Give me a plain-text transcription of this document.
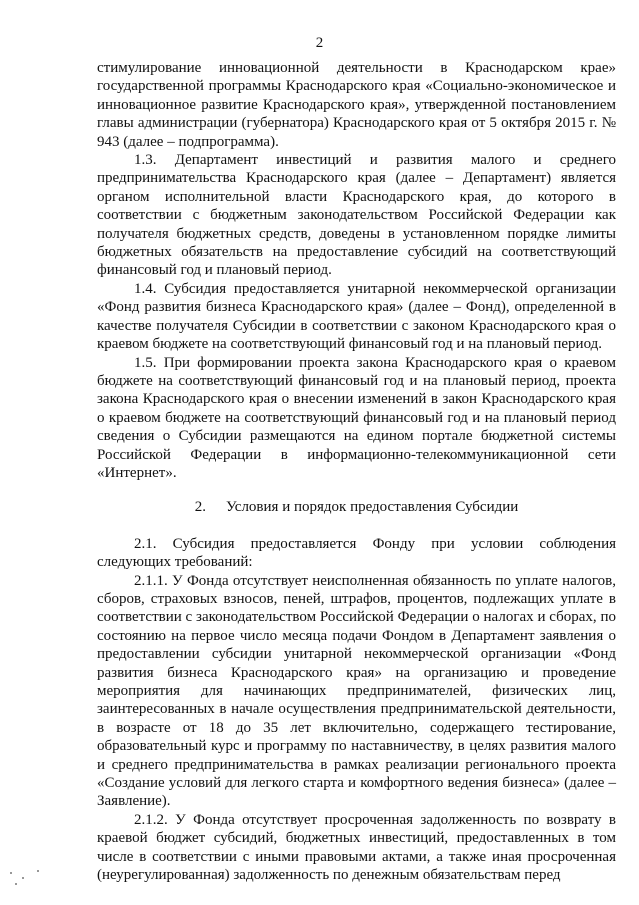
2

стимулирование инновационной деятельности в Краснодарском крае» государственной программы Краснодарского края «Социально-экономическое и инновационное развитие Краснодарского края», утвержденной постановлением главы администрации (губернатора) Краснодарского края от 5 октября 2015 г. № 943 (далее – подпрограмма).

1.3. Департамент инвестиций и развития малого и среднего предпринимательства Краснодарского края (далее – Департамент) является органом исполнительной власти Краснодарского края, до которого в соответствии с бюджетным законодательством Российской Федерации как получателя бюджетных средств, доведены в установленном порядке лимиты бюджетных обязательств на предоставление субсидий на соответствующий финансовый год и плановый период.

1.4. Субсидия предоставляется унитарной некоммерческой организации «Фонд развития бизнеса Краснодарского края» (далее – Фонд), определенной в качестве получателя Субсидии в соответствии с законом Краснодарского края о краевом бюджете на соответствующий финансовый год и на плановый период.

1.5. При формировании проекта закона Краснодарского края о краевом бюджете на соответствующий финансовый год и на плановый период, проекта закона Краснодарского края о внесении изменений в закон Краснодарского края о краевом бюджете на соответствующий финансовый год и на плановый период сведения о Субсидии размещаются на едином портале бюджетной системы Российской Федерации в информационно-телекоммуникационной сети «Интернет».

2. Условия и порядок предоставления Субсидии

2.1. Субсидия предоставляется Фонду при условии соблюдения следующих требований:

2.1.1. У Фонда отсутствует неисполненная обязанность по уплате налогов, сборов, страховых взносов, пеней, штрафов, процентов, подлежащих уплате в соответствии с законодательством Российской Федерации о налогах и сборах, по состоянию на первое число месяца подачи Фондом в Департамент заявления о предоставлении субсидии унитарной некоммерческой организации «Фонд развития бизнеса Краснодарского края» на организацию и проведение мероприятия для начинающих предпринимателей, физических лиц, заинтересованных в начале осуществления предпринимательской деятельности, в возрасте от 18 до 35 лет включительно, содержащего тестирование, образовательный курс и программу по наставничеству, в целях развития малого и среднего предпринимательства в рамках реализации регионального проекта «Создание условий для легкого старта и комфортного ведения бизнеса» (далее – Заявление).

2.1.2. У Фонда отсутствует просроченная задолженность по возврату в краевой бюджет субсидий, бюджетных инвестиций, предоставленных в том числе в соответствии с иными правовыми актами, а также иная просроченная (неурегулированная) задолженность по денежным обязательствам перед
